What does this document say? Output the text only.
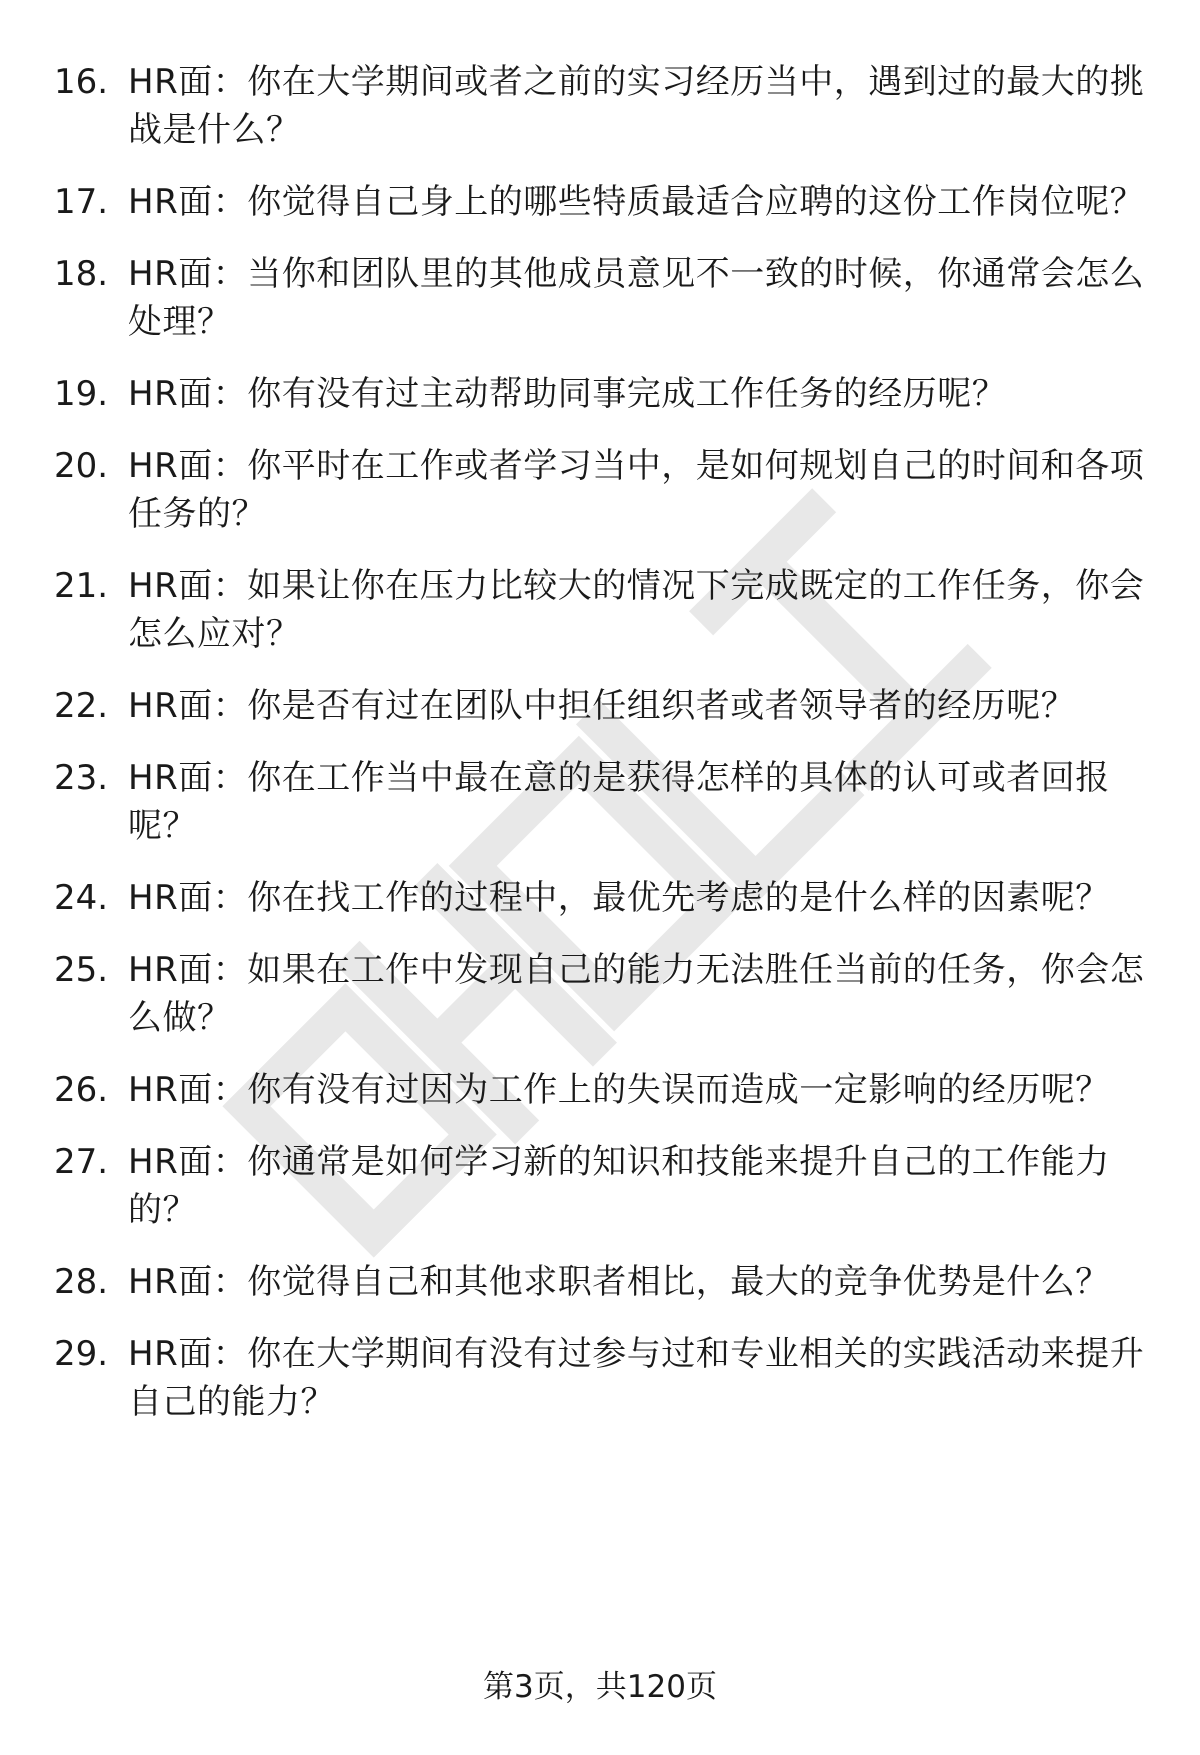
16. HR面：你在大学期间或者之前的实习经历当中，遇到过的最大的挑战是什么？
17. HR面：你觉得自己身上的哪些特质最适合应聘的这份工作岗位呢？
18. HR面：当你和团队里的其他成员意见不一致的时候，你通常会怎么处理？
19. HR面：你有没有过主动帮助同事完成工作任务的经历呢？
20. HR面：你平时在工作或者学习当中，是如何规划自己的时间和各项任务的？
21. HR面：如果让你在压力比较大的情况下完成既定的工作任务，你会怎么应对？
22. HR面：你是否有过在团队中担任组织者或者领导者的经历呢？
23. HR面：你在工作当中最在意的是获得怎样的具体的认可或者回报呢？
24. HR面：你在找工作的过程中，最优先考虑的是什么样的因素呢？
25. HR面：如果在工作中发现自己的能力无法胜任当前的任务，你会怎么做？
26. HR面：你有没有过因为工作上的失误而造成一定影响的经历呢？
27. HR面：你通常是如何学习新的知识和技能来提升自己的工作能力的？
28. HR面：你觉得自己和其他求职者相比，最大的竞争优势是什么？
29. HR面：你在大学期间有没有过参与过和专业相关的实践活动来提升自己的能力？
第3页，共120页
